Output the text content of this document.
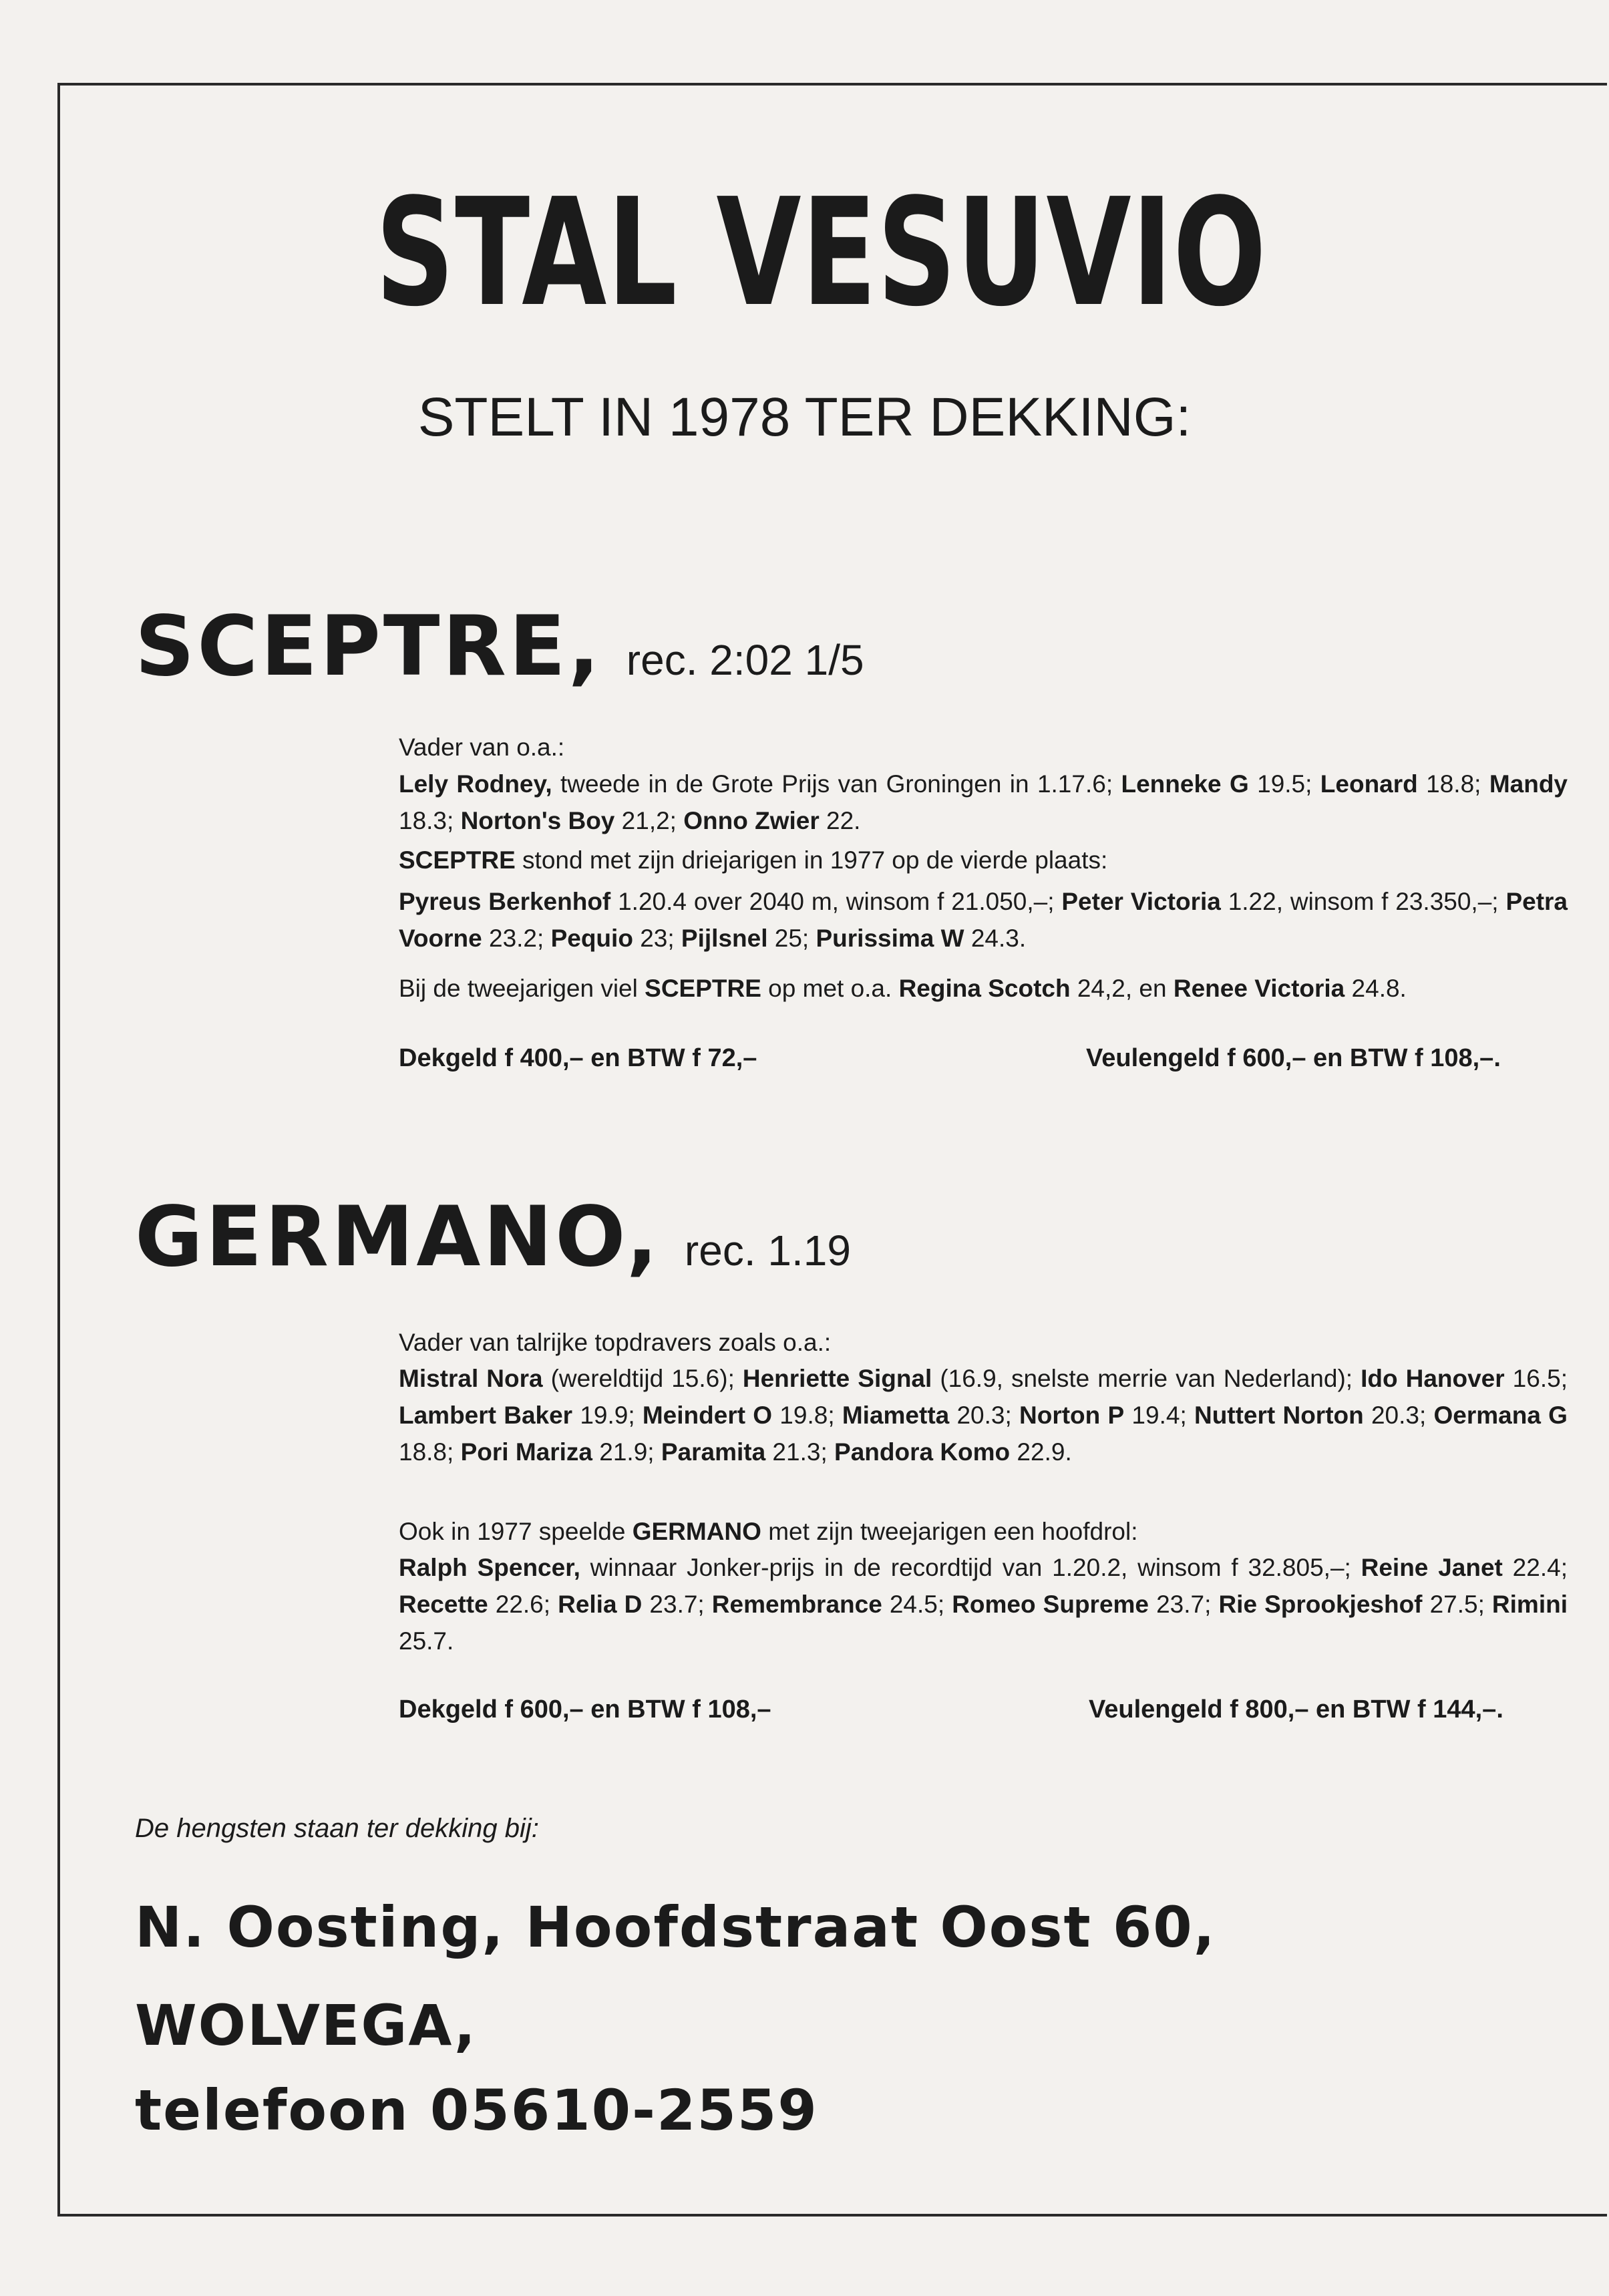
STAL VESUVIO
STELT IN 1978 TER DEKKING:
SCEPTRE, rec. 2:02 1/5
Vader van o.a.:
Lely Rodney, tweede in de Grote Prijs van Groningen in 1.17.6; Lenneke G 19.5; Leonard 18.8; Mandy 18.3; Norton's Boy 21,2; Onno Zwier 22.
SCEPTRE stond met zijn driejarigen in 1977 op de vierde plaats:
Pyreus Berkenhof 1.20.4 over 2040 m, winsom f 21.050,–; Peter Victoria 1.22, winsom f 23.350,–; Petra Voorne 23.2; Pequio 23; Pijlsnel 25; Purissima W 24.3.
Bij de tweejarigen viel SCEPTRE op met o.a. Regina Scotch 24,2, en Renee Victoria 24.8.
Dekgeld f 400,– en BTW f 72,–	Veulengeld f 600,– en BTW f 108,–.
GERMANO, rec. 1.19
Vader van talrijke topdravers zoals o.a.:
Mistral Nora (wereldtijd 15.6); Henriette Signal (16.9, snelste merrie van Nederland); Ido Hanover 16.5; Lambert Baker 19.9; Meindert O 19.8; Miametta 20.3; Norton P 19.4; Nuttert Norton 20.3; Oermana G 18.8; Pori Mariza 21.9; Paramita 21.3; Pandora Komo 22.9.
Ook in 1977 speelde GERMANO met zijn tweejarigen een hoofdrol:
Ralph Spencer, winnaar Jonker-prijs in de recordtijd van 1.20.2, winsom f 32.805,–; Reine Janet 22.4; Recette 22.6; Relia D 23.7; Remembrance 24.5; Romeo Supreme 23.7; Rie Sprookjeshof 27.5; Rimini 25.7.
Dekgeld f 600,– en BTW f 108,–	Veulengeld f 800,– en BTW f 144,–.
De hengsten staan ter dekking bij:
N. Oosting, Hoofdstraat Oost 60,
WOLVEGA,
telefoon 05610-2559
